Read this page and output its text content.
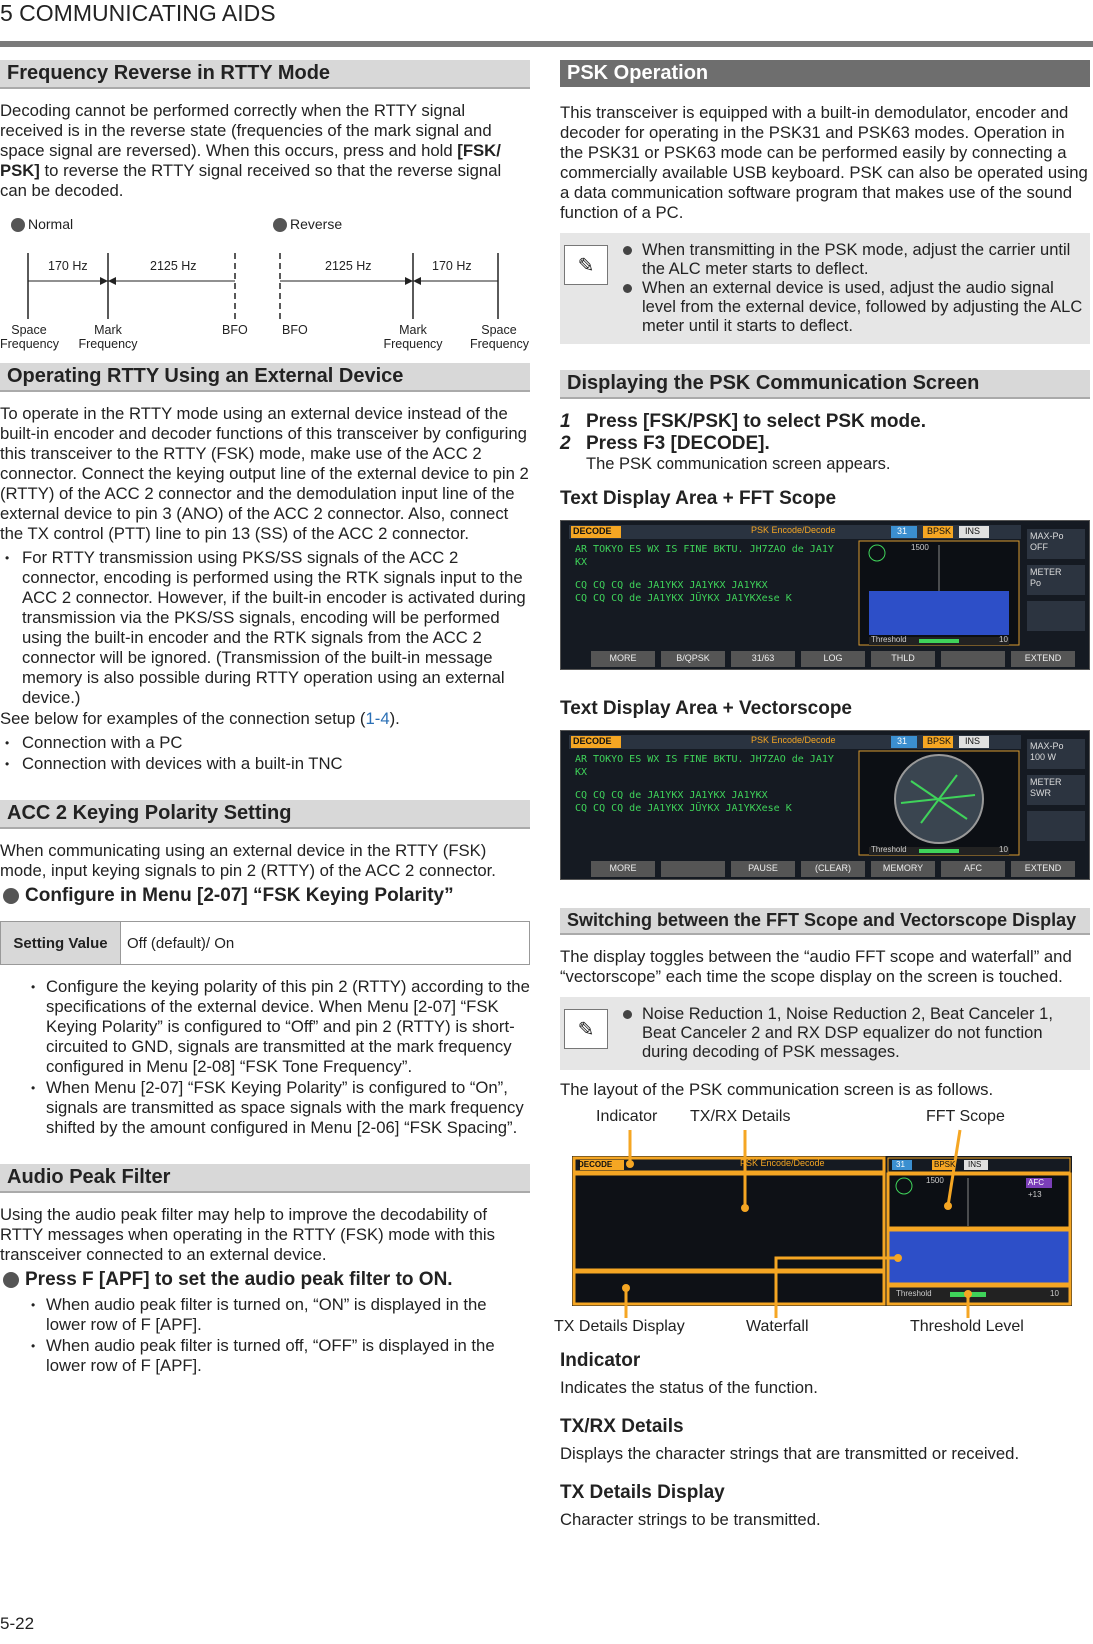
5 COMMUNICATING AIDS
Frequency Reverse in RTTY Mode

Decoding cannot be performed correctly when the RTTY signal received is in the reverse state (frequencies of the mark signal and space signal are reversed). When this occurs, press and hold [FSK/ PSK] to reverse the RTTY signal received so that the reverse signal can be decoded.

Normal	Reverse
170 Hz	2125 Hz	2125 Hz	170 Hz
Space
Frequency
Mark
Frequency
BFO	BFO	Mark
Frequency
Space
Frequency
Operating RTTY Using an External Device

To operate in the RTTY mode using an external device instead of the built-in encoder and decoder functions of this transceiver by configuring this transceiver to the RTTY (FSK) mode, make use of the ACC 2 connector. Connect the keying output line of the external device to pin 2 (RTTY) of the ACC 2 connector and the demodulation input line of the external device to pin 3 (ANO) of the ACC 2 connector. Also, connect the TX control (PTT) line to pin 13 (SS) of the ACC 2 connector.

• For RTTY transmission using PKS/SS signals of the ACC 2 connector, encoding is performed using the RTK signals input to the ACC 2 connector. However, if the built-in encoder is activated during transmission via the PKS/SS signals, encoding will be performed using the built-in encoder and the RTK signals from the ACC 2 connector will be ignored. (Transmission of the built-in message memory is also possible during RTTY operation using an external device.)

See below for examples of the connection setup (1-4).

• Connection with a PC
• Connection with devices with a built-in TNC
ACC 2 Keying Polarity Setting

When communicating using an external device in the RTTY (FSK) mode, input keying signals to pin 2 (RTTY) of the ACC 2 connector.

Configure in Menu [2-07] “FSK Keying Polarity”
Setting Value	Off (default)/ On
• Configure the keying polarity of this pin 2 (RTTY) according to the specifications of the external device. When Menu [2-07] “FSK Keying Polarity” is configured to “Off” and pin 2 (RTTY) is short-circuited to GND, signals are transmitted at the mark frequency configured in Menu [2-08] “FSK Tone Frequency”.
• When Menu [2-07] “FSK Keying Polarity” is configured to “On”, signals are transmitted as space signals with the mark frequency shifted by the amount configured in Menu [2-06] “FSK Spacing”.
Audio Peak Filter

Using the audio peak filter may help to improve the decodability of RTTY messages when operating in the RTTY (FSK) mode with this transceiver connected to an external device.

Press F [APF] to set the audio peak filter to ON.
• When audio peak filter is turned on, “ON” is displayed in the lower row of F [APF].
• When audio peak filter is turned off, “OFF” is displayed in the lower row of F [APF].
PSK Operation

This transceiver is equipped with a built-in demodulator, encoder and decoder for operating in the PSK31 and PSK63 modes. Operation in the PSK31 or PSK63 mode can be performed easily by connecting a commercially available USB keyboard. PSK can also be operated using a data communication software program that makes use of the sound function of a PC.

✎
When transmitting in the PSK mode, adjust the carrier until the ALC meter starts to deflect.
When an external device is used, adjust the audio signal level from the external device, followed by adjusting the ALC meter until it starts to deflect.
Displaying the PSK Communication Screen
1 Press [FSK/PSK] to select PSK mode.
2 Press F3 [DECODE].
The PSK communication screen appears.
Text Display Area + FFT Scope
DECODE	PSK Encode/Decode	31 BPSK INS
AR TOKYO ES WX IS FINE BKTU. JH7ZAO de JA1Y
KX
CQ CQ CQ de JA1YKX JA1YKX JA1YKX
CQ CQ CQ de JA1YKX JŪYKX JA1YKXese K
1500
Threshold	10
MAX-Po
OFF
METER
Po
MORE	B/QPSK	31/63	LOG	THLD	EXTEND
Text Display Area + Vectorscope
DECODE	PSK Encode/Decode	31 BPSK INS
AR TOKYO ES WX IS FINE BKTU. JH7ZAO de JA1Y
KX
CQ CQ CQ de JA1YKX JA1YKX JA1YKX
CQ CQ CQ de JA1YKX JŪYKX JA1YKXese K
Threshold	10
MAX-Po
100 W
METER
SWR
MORE	PAUSE	(CLEAR)	MEMORY	AFC	EXTEND
Switching between the FFT Scope and Vectorscope Display

The display toggles between the “audio FFT scope and waterfall” and “vectorscope” each time the scope display on the screen is touched.

✎
Noise Reduction 1, Noise Reduction 2, Beat Canceler 1, Beat Canceler 2 and RX DSP equalizer do not function during decoding of PSK messages.

The layout of the PSK communication screen is as follows.

DECODE	PSK Encode/Decode	31	BPSK INS
1500	AFC
+13
Threshold	10
Indicator TX/RX Details	FFT Scope
TX Details Display	Waterfall	Threshold Level
Indicator

Indicates the status of the function.

TX/RX Details

Displays the character strings that are transmitted or received.

TX Details Display

Character strings to be transmitted.

5-22
